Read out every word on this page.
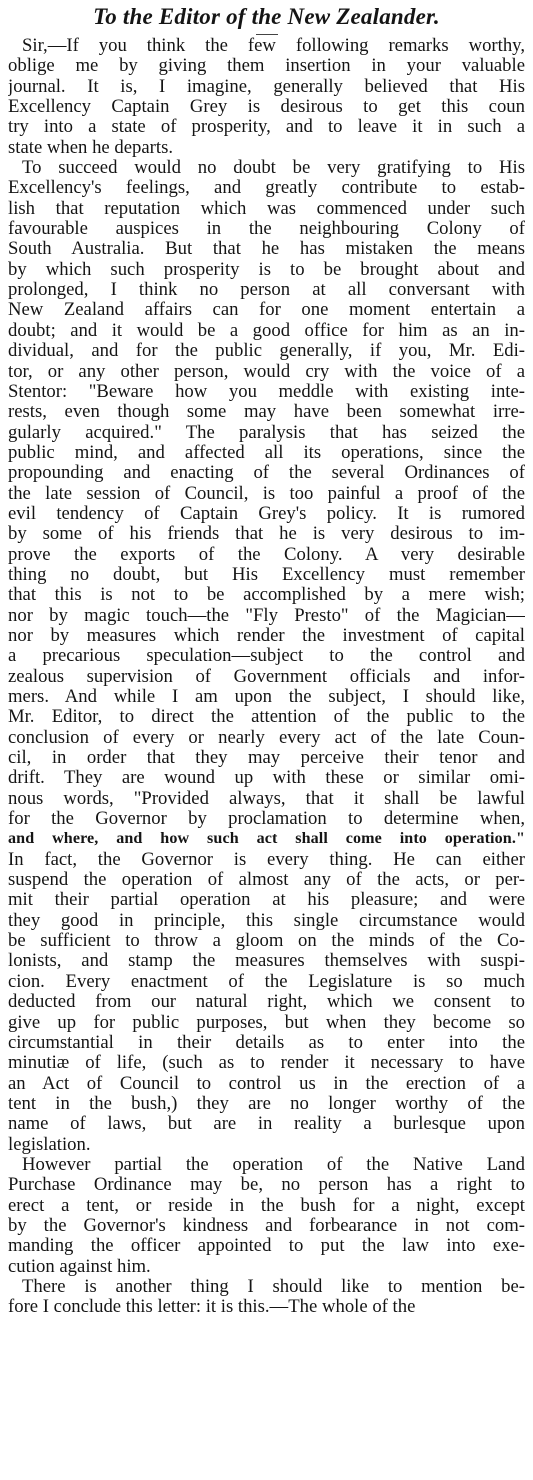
To the Editor of the New Zealander.
Sir,—If you think the few following remarks worthy,
oblige me by giving them insertion in your valuable
journal. It is, I imagine, generally believed that His
Excellency Captain Grey is desirous to get this coun
try into a state of prosperity, and to leave it in such a
state when he departs.
To succeed would no doubt be very gratifying to His
Excellency's feelings, and greatly contribute to estab-
lish that reputation which was commenced under such
favourable auspices in the neighbouring Colony of
South Australia. But that he has mistaken the means
by which such prosperity is to be brought about and
prolonged, I think no person at all conversant with
New Zealand affairs can for one moment entertain a
doubt; and it would be a good office for him as an in-
dividual, and for the public generally, if you, Mr. Edi-
tor, or any other person, would cry with the voice of a
Stentor: "Beware how you meddle with existing inte-
rests, even though some may have been somewhat irre-
gularly acquired." The paralysis that has seized the
public mind, and affected all its operations, since the
propounding and enacting of the several Ordinances of
the late session of Council, is too painful a proof of the
evil tendency of Captain Grey's policy. It is rumored
by some of his friends that he is very desirous to im-
prove the exports of the Colony. A very desirable
thing no doubt, but His Excellency must remember
that this is not to be accomplished by a mere wish;
nor by magic touch—the "Fly Presto" of the Magician—
nor by measures which render the investment of capital
a precarious speculation—subject to the control and
zealous supervision of Government officials and infor-
mers. And while I am upon the subject, I should like,
Mr. Editor, to direct the attention of the public to the
conclusion of every or nearly every act of the late Coun-
cil, in order that they may perceive their tenor and
drift. They are wound up with these or similar omi-
nous words, "Provided always, that it shall be lawful
for the Governor by proclamation to determine when,
and where, and how such act shall come into operation."
In fact, the Governor is every thing. He can either
suspend the operation of almost any of the acts, or per-
mit their partial operation at his pleasure; and were
they good in principle, this single circumstance would
be sufficient to throw a gloom on the minds of the Co-
lonists, and stamp the measures themselves with suspi-
cion. Every enactment of the Legislature is so much
deducted from our natural right, which we consent to
give up for public purposes, but when they become so
circumstantial in their details as to enter into the
minutiæ of life, (such as to render it necessary to have
an Act of Council to control us in the erection of a
tent in the bush,) they are no longer worthy of the
name of laws, but are in reality a burlesque upon
legislation.
However partial the operation of the Native Land
Purchase Ordinance may be, no person has a right to
erect a tent, or reside in the bush for a night, except
by the Governor's kindness and forbearance in not com-
manding the officer appointed to put the law into exe-
cution against him.
There is another thing I should like to mention be-
fore I conclude this letter: it is this.—The whole of the
